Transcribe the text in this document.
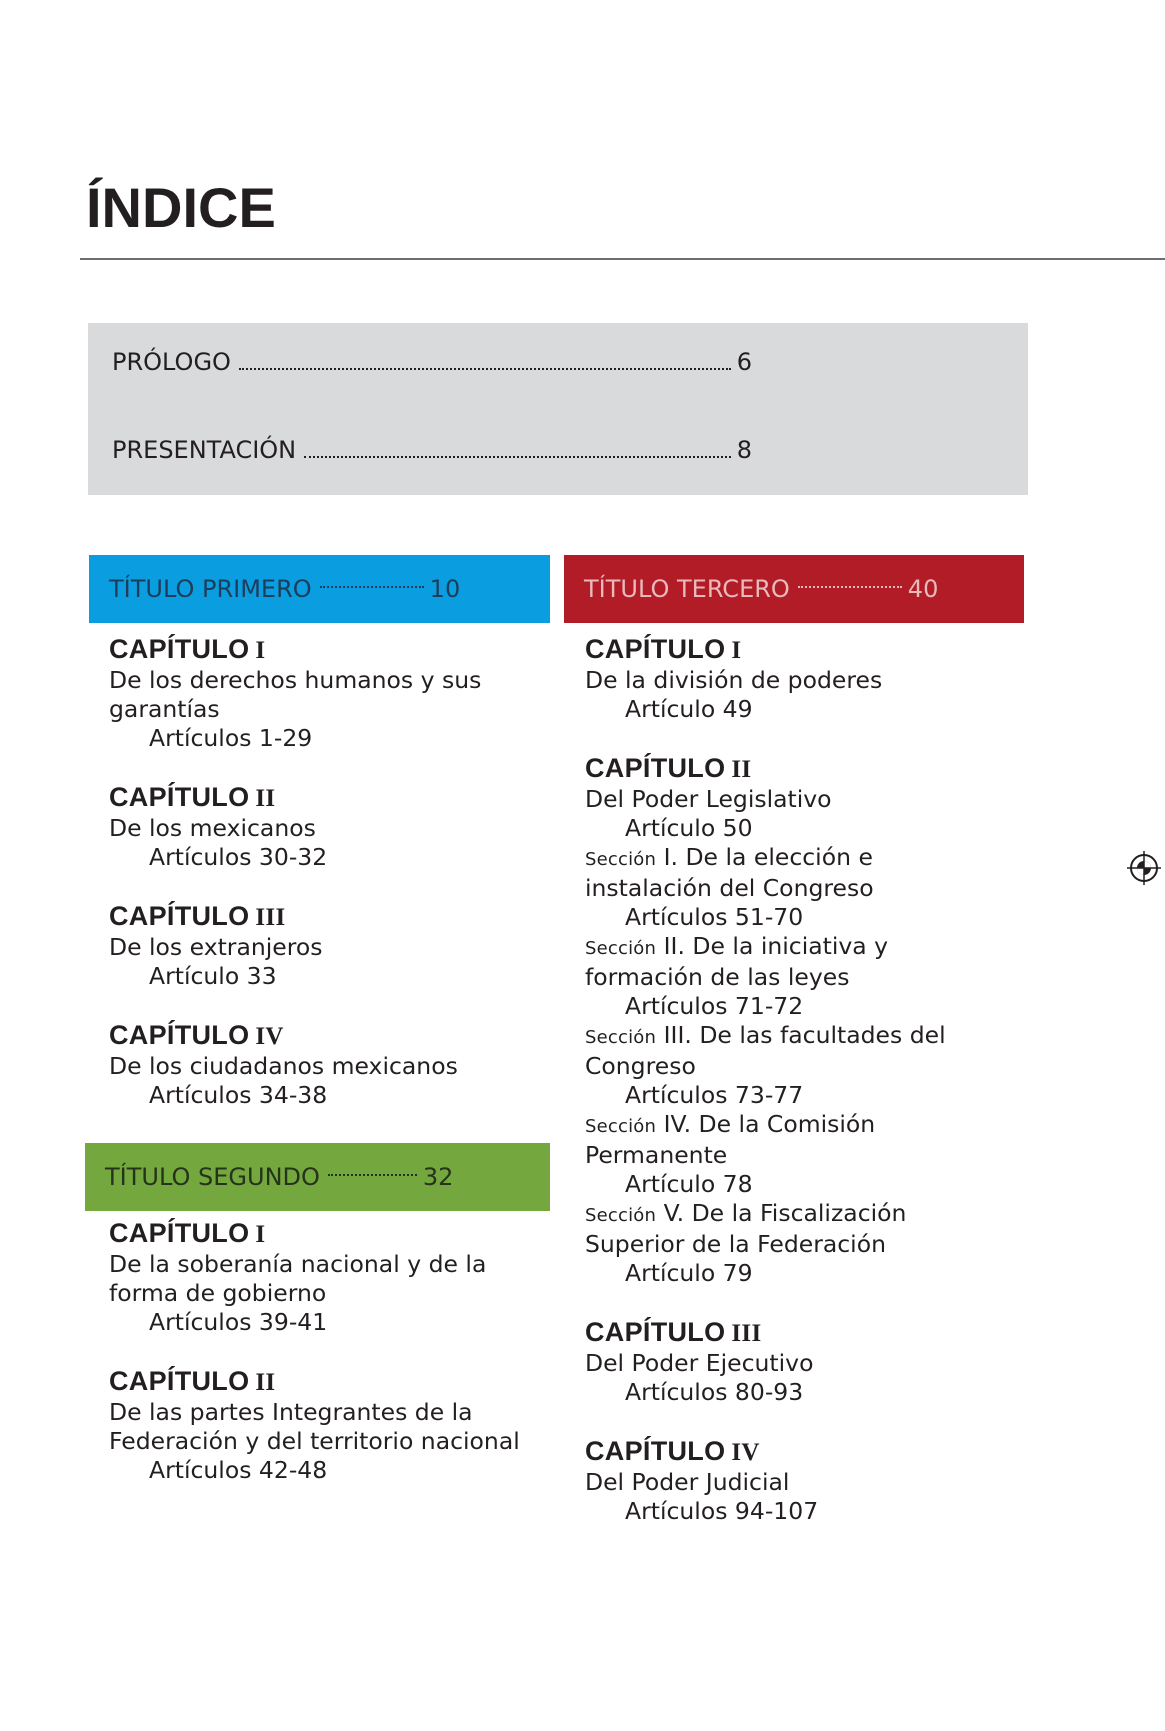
ÍNDICE
PRÓLOGO	6
PRESENTACIÓN	8
TÍTULO PRIMERO	10
TÍTULO SEGUNDO	32
TÍTULO TERCERO	40
CAPÍTULO I
De los derechos humanos y sus
garantías
Artículos 1-29
CAPÍTULO II
De los mexicanos
Artículos 30-32
CAPÍTULO III
De los extranjeros
Artículo 33
CAPÍTULO IV
De los ciudadanos mexicanos
Artículos 34-38
CAPÍTULO I
De la soberanía nacional y de la
forma de gobierno
Artículos 39-41
CAPÍTULO II
De las partes Integrantes de la
Federación y del territorio nacional
Artículos 42-48
CAPÍTULO I
De la división de poderes
Artículo 49
CAPÍTULO II
Del Poder Legislativo
Artículo 50
Sección I. De la elección e
instalación del Congreso
Artículos 51-70
Sección II. De la iniciativa y
formación de las leyes
Artículos 71-72
Sección III. De las facultades del
Congreso
Artículos 73-77
Sección IV. De la Comisión
Permanente
Artículo 78
Sección V. De la Fiscalización
Superior de la Federación
Artículo 79
CAPÍTULO III
Del Poder Ejecutivo
Artículos 80-93
CAPÍTULO IV
Del Poder Judicial
Artículos 94-107
